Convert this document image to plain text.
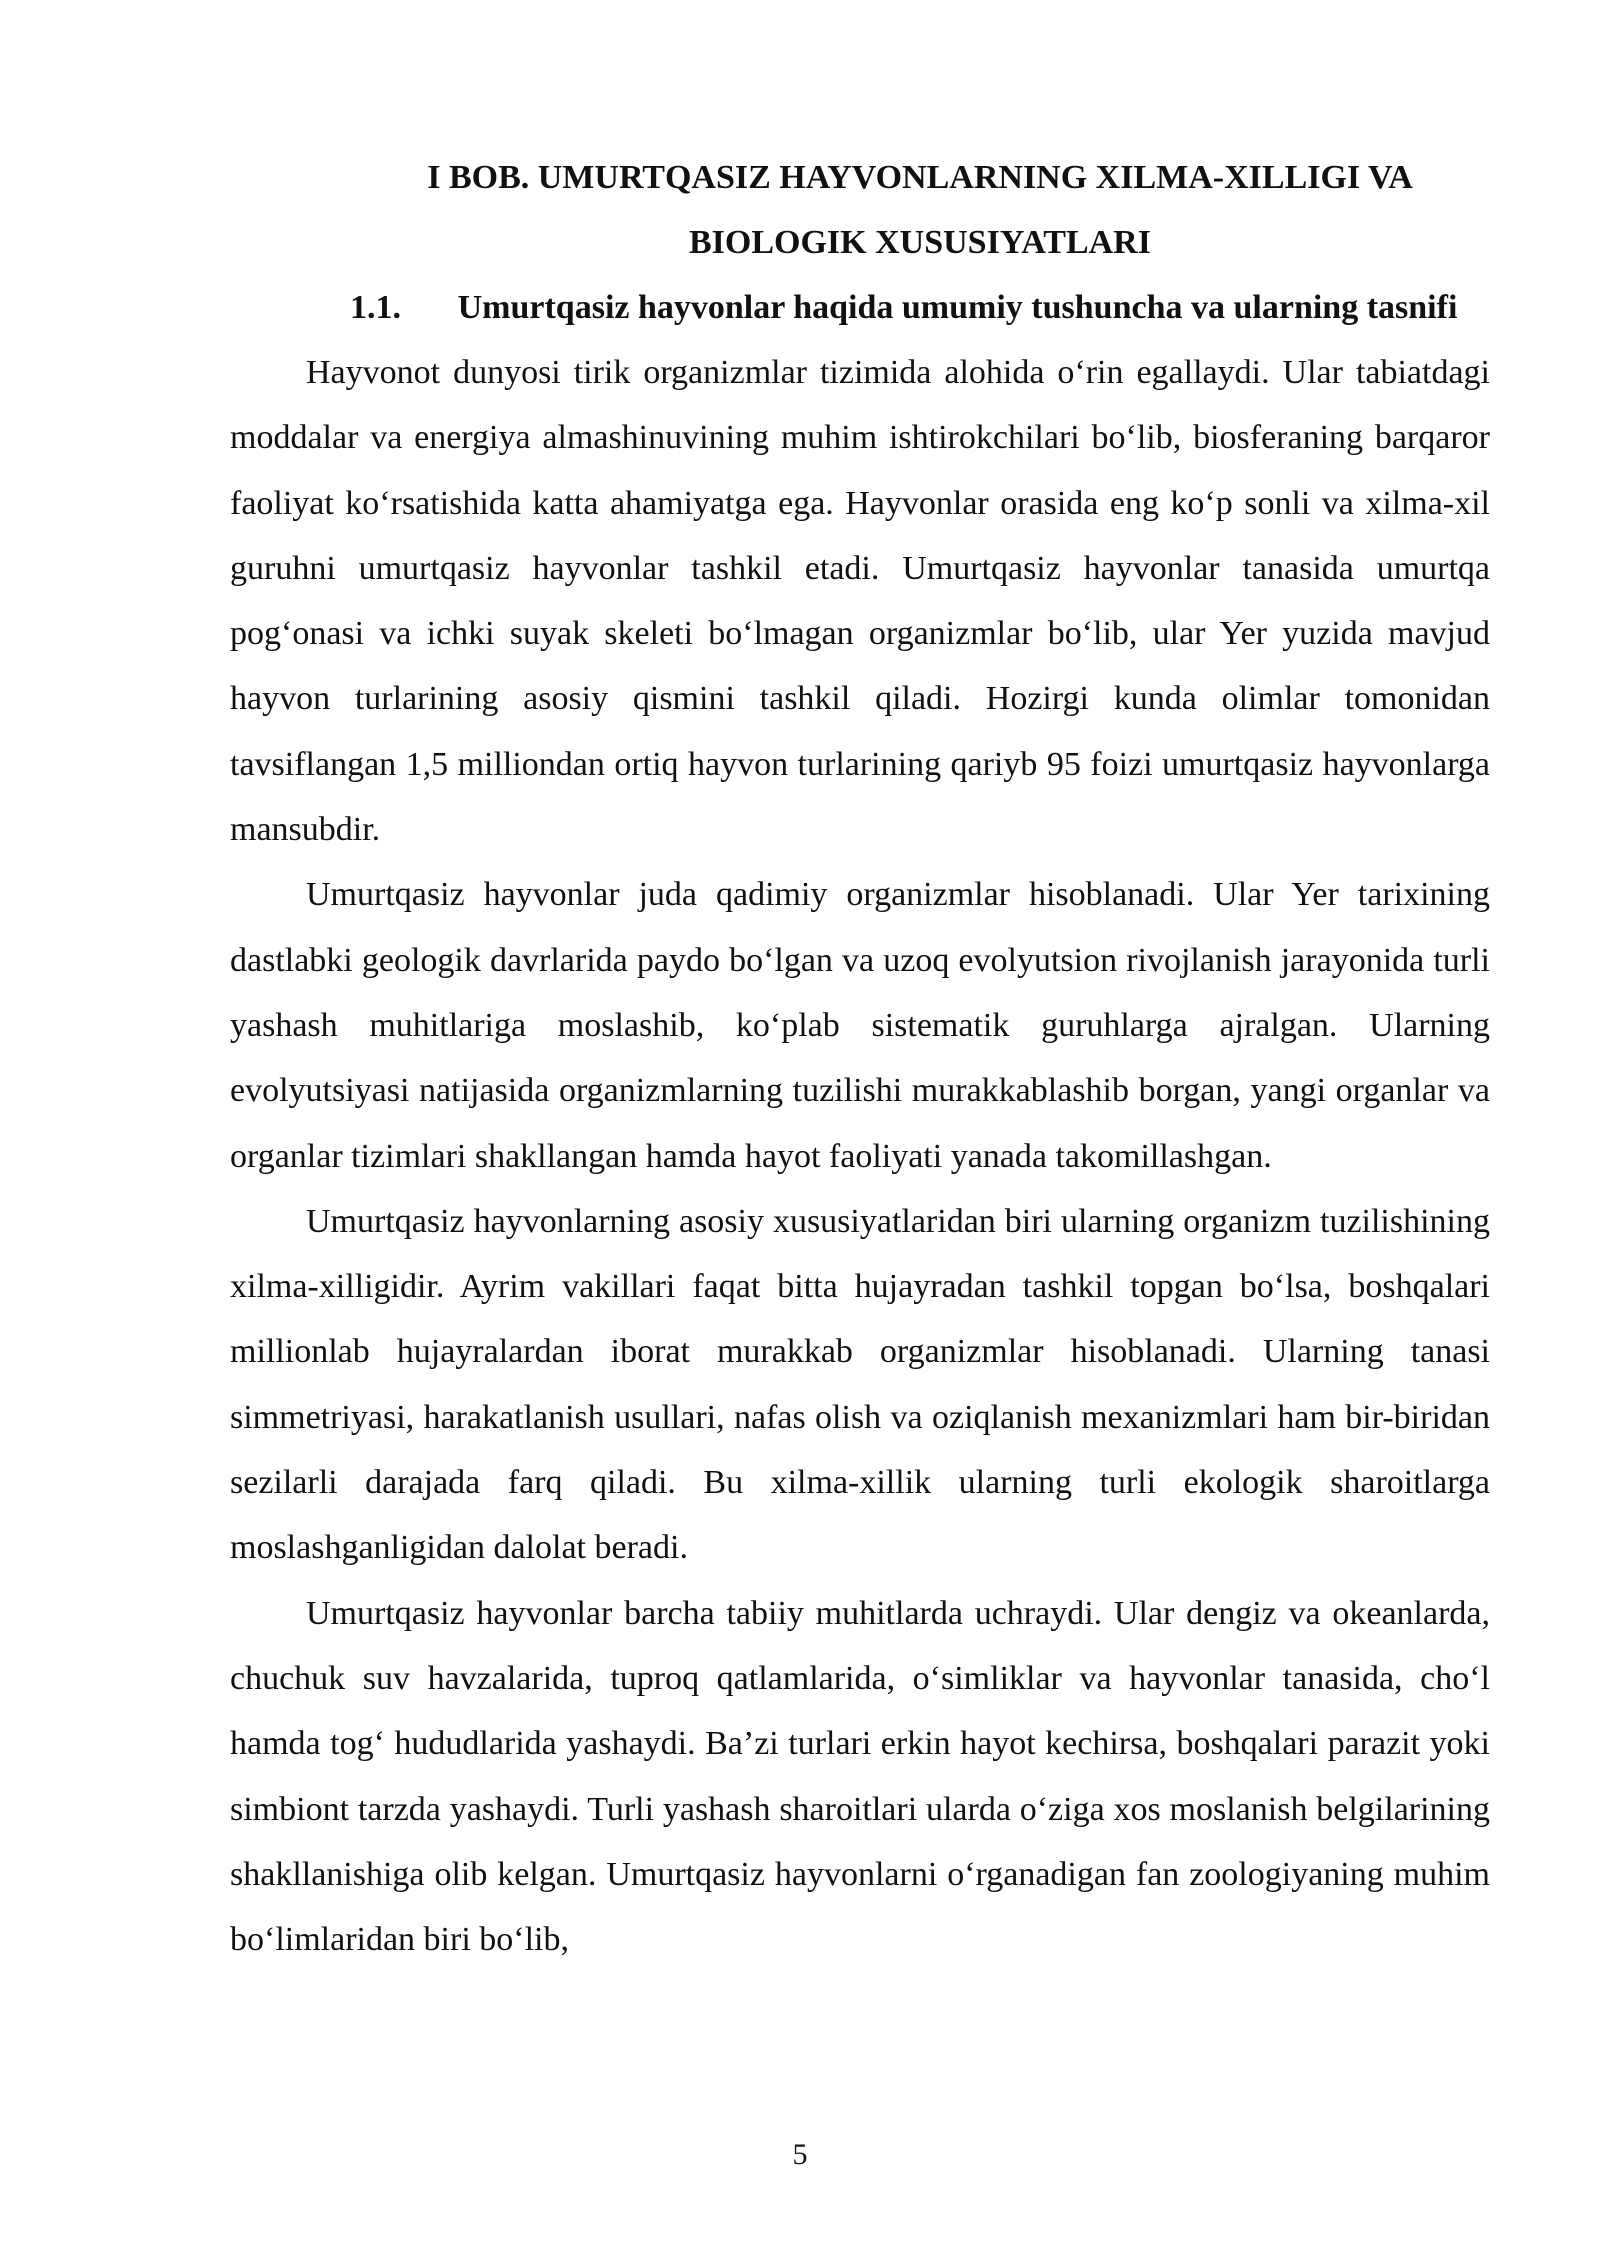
I BOB. UMURTQASIZ HAYVONLARNING XILMA-XILLIGI VA BIOLOGIK XUSUSIYATLARI
1.1.	Umurtqasiz hayvonlar haqida umumiy tushuncha va ularning tasnifi

Hayvonot dunyosi tirik organizmlar tizimida alohida o‘rin egallaydi. Ular tabiatdagi moddalar va energiya almashinuvining muhim ishtirokchilari bo‘lib, biosferaning barqaror faoliyat ko‘rsatishida katta ahamiyatga ega. Hayvonlar orasida eng ko‘p sonli va xilma-xil guruhni umurtqasiz hayvonlar tashkil etadi. Umurtqasiz hayvonlar tanasida umurtqa pog‘onasi va ichki suyak skeleti bo‘lmagan organizmlar bo‘lib, ular Yer yuzida mavjud hayvon turlarining asosiy qismini tashkil qiladi. Hozirgi kunda olimlar tomonidan tavsiflangan 1,5 milliondan ortiq hayvon turlarining qariyb 95 foizi umurtqasiz hayvonlarga mansubdir.

Umurtqasiz hayvonlar juda qadimiy organizmlar hisoblanadi. Ular Yer tarixining dastlabki geologik davrlarida paydo bo‘lgan va uzoq evolyutsion rivojlanish jarayonida turli yashash muhitlariga moslashib, ko‘plab sistematik guruhlarga ajralgan. Ularning evolyutsiyasi natijasida organizmlarning tuzilishi murakkablashib borgan, yangi organlar va organlar tizimlari shakllangan hamda hayot faoliyati yanada takomillashgan.

Umurtqasiz hayvonlarning asosiy xususiyatlaridan biri ularning organizm tuzilishining xilma-xilligidir. Ayrim vakillari faqat bitta hujayradan tashkil topgan bo‘lsa, boshqalari millionlab hujayralardan iborat murakkab organizmlar hisoblanadi. Ularning tanasi simmetriyasi, harakatlanish usullari, nafas olish va oziqlanish mexanizmlari ham bir-biridan sezilarli darajada farq qiladi. Bu xilma-xillik ularning turli ekologik sharoitlarga moslashganligidan dalolat beradi.

Umurtqasiz hayvonlar barcha tabiiy muhitlarda uchraydi. Ular dengiz va okeanlarda, chuchuk suv havzalarida, tuproq qatlamlarida, o‘simliklar va hayvonlar tanasida, cho‘l hamda tog‘ hududlarida yashaydi. Ba’zi turlari erkin hayot kechirsa, boshqalari parazit yoki simbiont tarzda yashaydi. Turli yashash sharoitlari ularda o‘ziga xos moslanish belgilarining shakllanishiga olib kelgan. Umurtqasiz hayvonlarni o‘rganadigan fan zoologiyaning muhim bo‘limlaridan biri bo‘lib,

5
